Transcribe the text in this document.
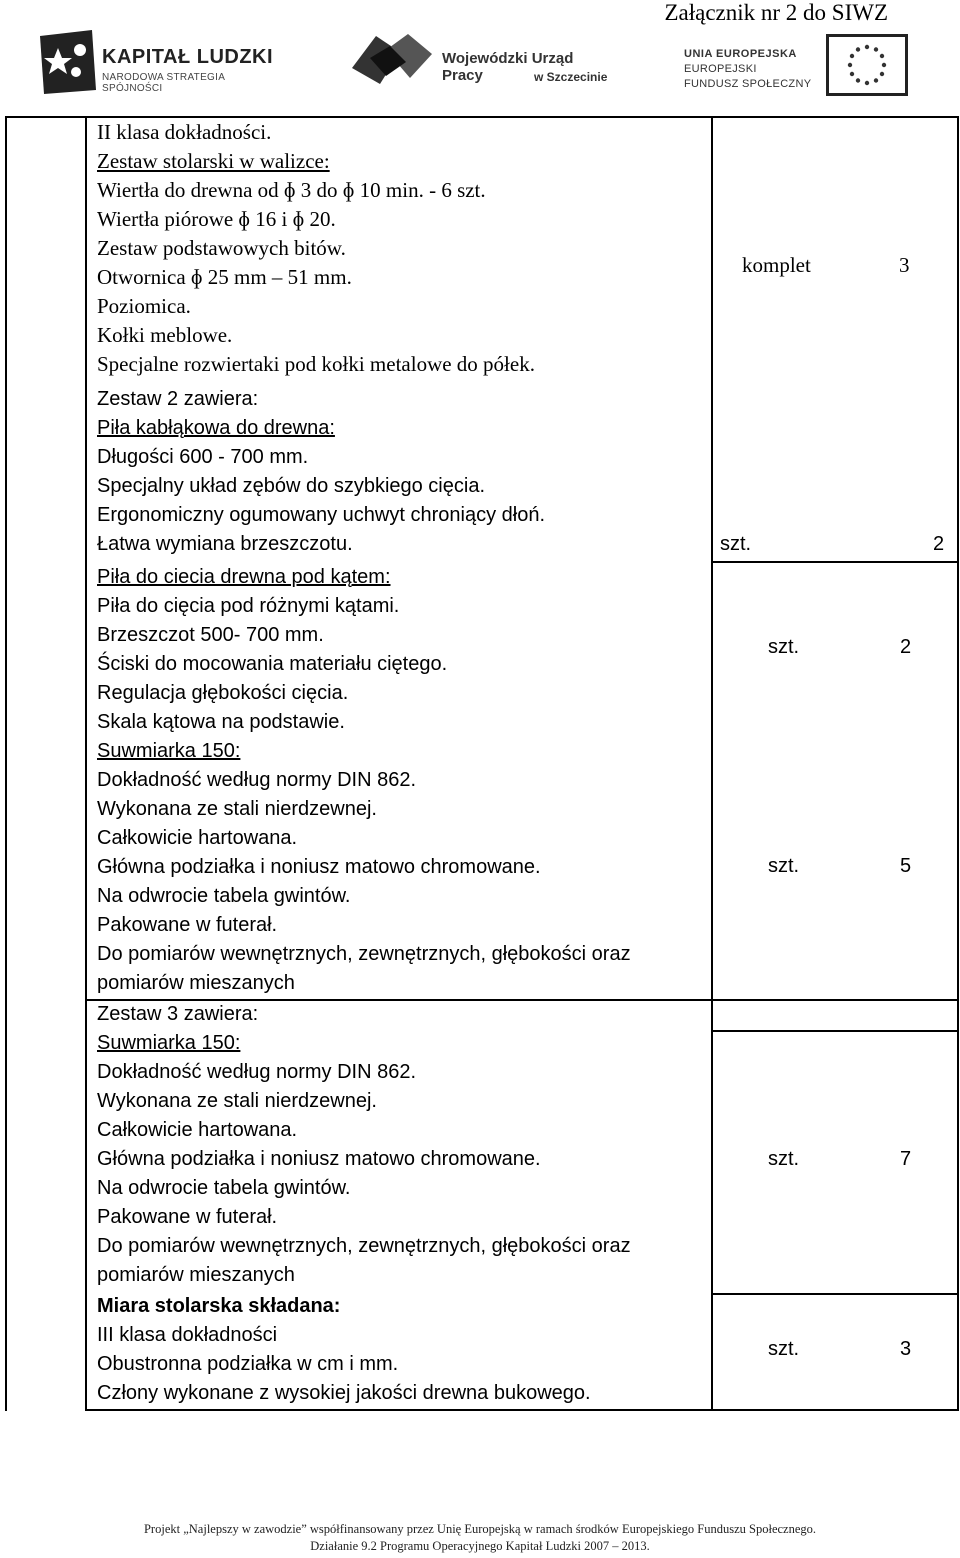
Załącznik nr 2 do SIWZ
KAPITAŁ LUDZKI
NARODOWA STRATEGIA SPÓJNOŚCI
Wojewódzki Urząd Pracy	w Szczecinie
UNIA EUROPEJSKA
EUROPEJSKI
FUNDUSZ SPOŁECZNY
II klasa dokładności.
Zestaw stolarski w walizce:
Wiertła do drewna od ɸ 3 do ɸ 10 min. - 6 szt.
Wiertła piórowe ɸ 16 i ɸ 20.
Zestaw podstawowych bitów.
Otwornica ɸ 25 mm – 51 mm.
Poziomica.
Kołki meblowe.
Specjalne rozwiertaki pod kołki metalowe do półek.
komplet	3
Zestaw 2 zawiera:
Piła kabłąkowa do drewna:
Długości 600 - 700 mm.
Specjalny układ zębów do szybkiego cięcia.
Ergonomiczny ogumowany uchwyt chroniący dłoń.
Łatwa wymiana brzeszczotu.	szt.	2
Piła do ciecia drewna pod kątem:
Piła do cięcia pod różnymi kątami.
Brzeszczot 500- 700 mm.
Ściski do mocowania materiału ciętego.
Regulacja głębokości cięcia.
Skala kątowa na podstawie.
szt.	2
Suwmiarka 150:
Dokładność według normy DIN 862.
Wykonana ze stali nierdzewnej.
Całkowicie hartowana.
Główna podziałka i noniusz matowo chromowane.
Na odwrocie tabela gwintów.
Pakowane w futerał.
Do pomiarów wewnętrznych, zewnętrznych, głębokości oraz
pomiarów mieszanych
szt.	5
Zestaw 3 zawiera:
Suwmiarka 150:
Dokładność według normy DIN 862.
Wykonana ze stali nierdzewnej.
Całkowicie hartowana.
Główna podziałka i noniusz matowo chromowane.
Na odwrocie tabela gwintów.
Pakowane w futerał.
Do pomiarów wewnętrznych, zewnętrznych, głębokości oraz
pomiarów mieszanych
szt.	7
Miara stolarska składana:
III klasa dokładności
Obustronna podziałka w cm i mm.
Człony wykonane z wysokiej jakości drewna bukowego.
szt.	3
Projekt „Najlepszy w zawodzie” współfinansowany przez Unię Europejską w ramach środków Europejskiego Funduszu Społecznego.
Działanie 9.2 Programu Operacyjnego Kapitał Ludzki 2007 – 2013.
